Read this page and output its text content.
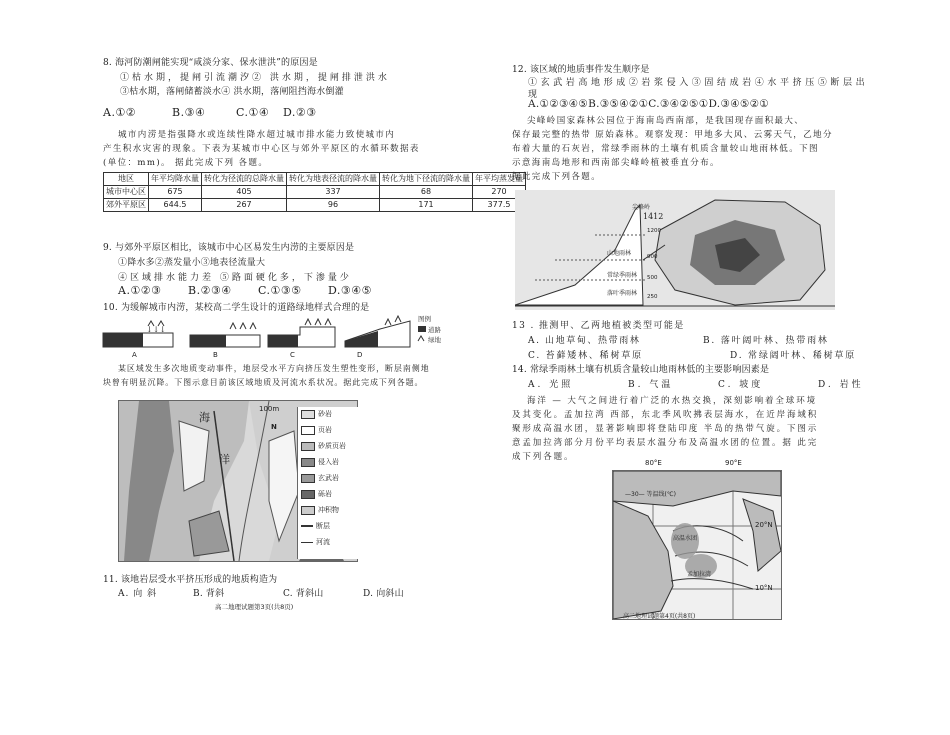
8. 海河防潮闸能实现“咸淡分家、保水泄洪”的原因是
①枯水期，提闸引流潮汐② 洪水期，提闸排泄洪水
③枯水期，落闸储蓄淡水④ 洪水期，落闸阻挡海水倒灌
A.①②	B.③④	C.①④ D.②③
城市内涝是指强降水或连续性降水超过城市排水能力致使城市内
产生积水灾害的现象。下表为某城市中心区与郊外平原区的水循环数据表
(单位：mm)。 据此完成下列 各题。
地区	年平均降水量	转化为径流的总降水量	转化为地表径流的降水量	转化为地下径流的降水量	年平均蒸发量
城市中心区	675	405	337	68	270
郊外平原区	644.5	267	96	171	377.5
9. 与郊外平原区相比，该城市中心区易发生内涝的主要原因是
①降水多②蒸发量小③地表径流量大
④区域排水能力差 ⑤路面硬化多，下渗量少
A.①②③ B.②③④ C.①③⑤ D.③④⑤
10. 为缓解城市内涝，某校高二学生设计的道路绿地样式合理的是
↓↓↓
图例
道路
绿地
A	B	C	D
某区域发生多次地质变动事件，地层受水平方向挤压发生塑性变形，断层南侧地
块曾有明显沉降。下图示意目前该区域地质及河流水系状况。据此完成下列各题。
海
洋
100m
N
砂岩
页岩
砂质页岩
侵入岩
玄武岩
砾岩
冲积物
断层
河流
11. 该地岩层受水平挤压形成的地质构造为
A. 向 斜	B. 背斜	C. 背斜山	D. 向斜山
高二地理试题第3页(共8页)
12. 该区域的地质事件发生顺序是
①玄武岩高地形成②岩浆侵入③固结成岩④水平挤压⑤断层出
现
A.①②③④⑤B.③⑤④②①C.③④②⑤①D.③④⑤②①
尖峰岭国家森林公园位于海南岛西南部，是我国现存面积最大、
保存最完整的热带 原始森林。观察发现：甲地多大风、云雾天气，乙地分
布着大量的石灰岩，常绿季雨林的土壤有机质含量较山地雨林低。下图
示意海南岛地形和西南部尖峰岭植被垂直分布。
据此完成下列各题。
尖峰岭
1412
1200
900
500
250
山地雨林
常绿季雨林
落叶季雨林
13 . 推测甲、乙两地植被类型可能是
A. 山地草甸、热带雨林	B. 落叶阔叶林、热带雨林
C. 苔藓矮林、稀树草原	D. 常绿阔叶林、稀树草原
14. 常绿季雨林土壤有机质含量较山地雨林低的主要影响因素是
A. 光照	B. 气温	C. 坡度	D. 岩性
海洋 — 大气之间进行着广泛的水热交换，深刻影响着全球环境
及其变化。孟加拉湾 西部，东北季风吹拂表层海水，在近岸海域积
聚形成高温水团，显著影响即将登陆印度 半岛的热带气旋。下图示
意孟加拉湾部分月份平均表层水温分布及高温水团的位置。据 此完
成下列各题。
80°E	90°E
20°N
10°N
—30— 等温线(℃)
高温水团
孟加拉湾
高二地理试题第4页(共8页)
